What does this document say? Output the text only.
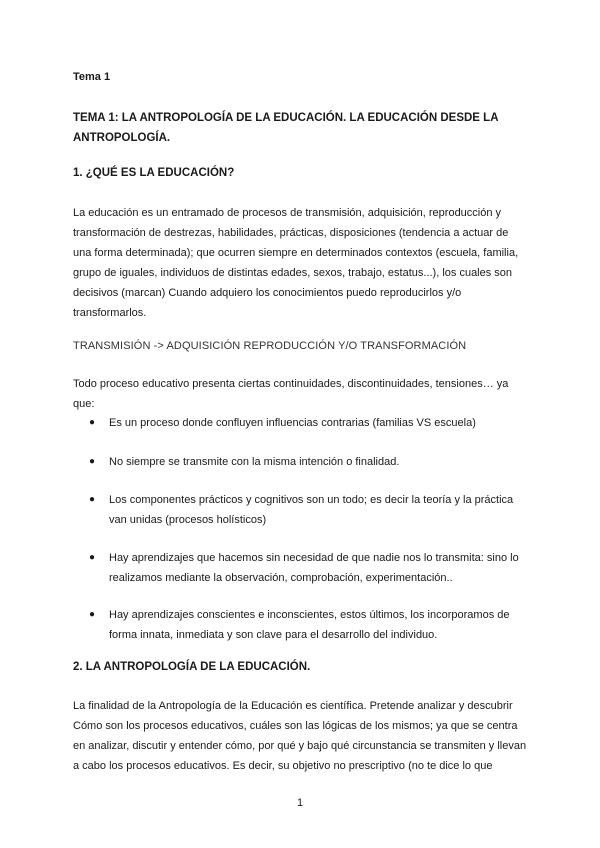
Tema 1

TEMA 1: LA ANTROPOLOGÍA DE LA EDUCACIÓN. LA EDUCACIÓN DESDE LA ANTROPOLOGÍA.

1. ¿QUÉ ES LA EDUCACIÓN?

La educación es un entramado de procesos de transmisión, adquisición, reproducción y transformación de destrezas, habilidades, prácticas, disposiciones (tendencia a actuar de una forma determinada); que ocurren siempre en determinados contextos (escuela, familia, grupo de iguales, individuos de distintas edades, sexos, trabajo, estatus...), los cuales son decisivos (marcan) Cuando adquiero los conocimientos puedo reproducirlos y/o transformarlos.

TRANSMISIÓN -> ADQUISICIÓN REPRODUCCIÓN Y/O TRANSFORMACIÓN

Todo proceso educativo presenta ciertas continuidades, discontinuidades, tensiones… ya que:

● Es un proceso donde confluyen influencias contrarias (familias VS escuela)
● No siempre se transmite con la misma intención o finalidad.
● Los componentes prácticos y cognitivos son un todo; es decir la teoría y la práctica van unidas (procesos holísticos)
● Hay aprendizajes que hacemos sin necesidad de que nadie nos lo transmita: sino lo realizamos mediante la observación, comprobación, experimentación..
● Hay aprendizajes conscientes e inconscientes, estos últimos, los incorporamos de forma innata, inmediata y son clave para el desarrollo del individuo.

2. LA ANTROPOLOGÍA DE LA EDUCACIÓN.

La finalidad de la Antropología de la Educación es científica. Pretende analizar y descubrir Cómo son los procesos educativos, cuáles son las lógicas de los mismos; ya que se centra en analizar, discutir y entender cómo, por qué y bajo qué circunstancia se transmiten y llevan a cabo los procesos educativos. Es decir, su objetivo no prescriptivo (no te dice lo que

1
